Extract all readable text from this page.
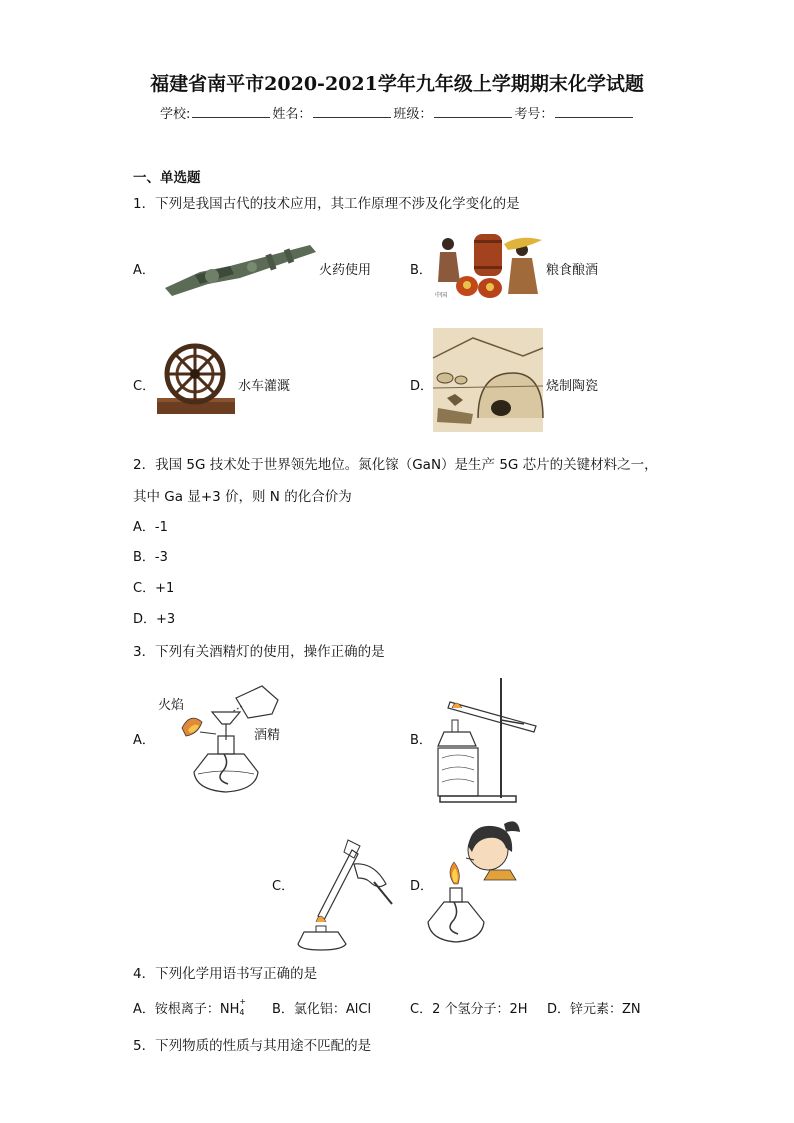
福建省南平市2020-2021学年九年级上学期期末化学试题
学校:	姓名：	班级：	考号：
一、单选题
1．下列是我国古代的技术应用，其工作原理不涉及化学变化的是
A．	火药使用	B．
中国
粮食酿酒
C．	水车灌溉	D．	烧制陶瓷
2．我国 5G 技术处于世界领先地位。氮化镓（GaN）是生产 5G 芯片的关键材料之一，
其中 Ga 显+3 价，则 N 的化合价为
A．-1
B．-3
C．+1
D．+3
3．下列有关酒精灯的使用，操作正确的是
A．
火焰
酒精	B．
C．	D．
4．下列化学用语书写正确的是
A．铵根离子：NH
+
4 B．氯化铝：AlCl	C．2 个氢分子：2H D．锌元素：ZN
5．下列物质的性质与其用途不匹配的是
